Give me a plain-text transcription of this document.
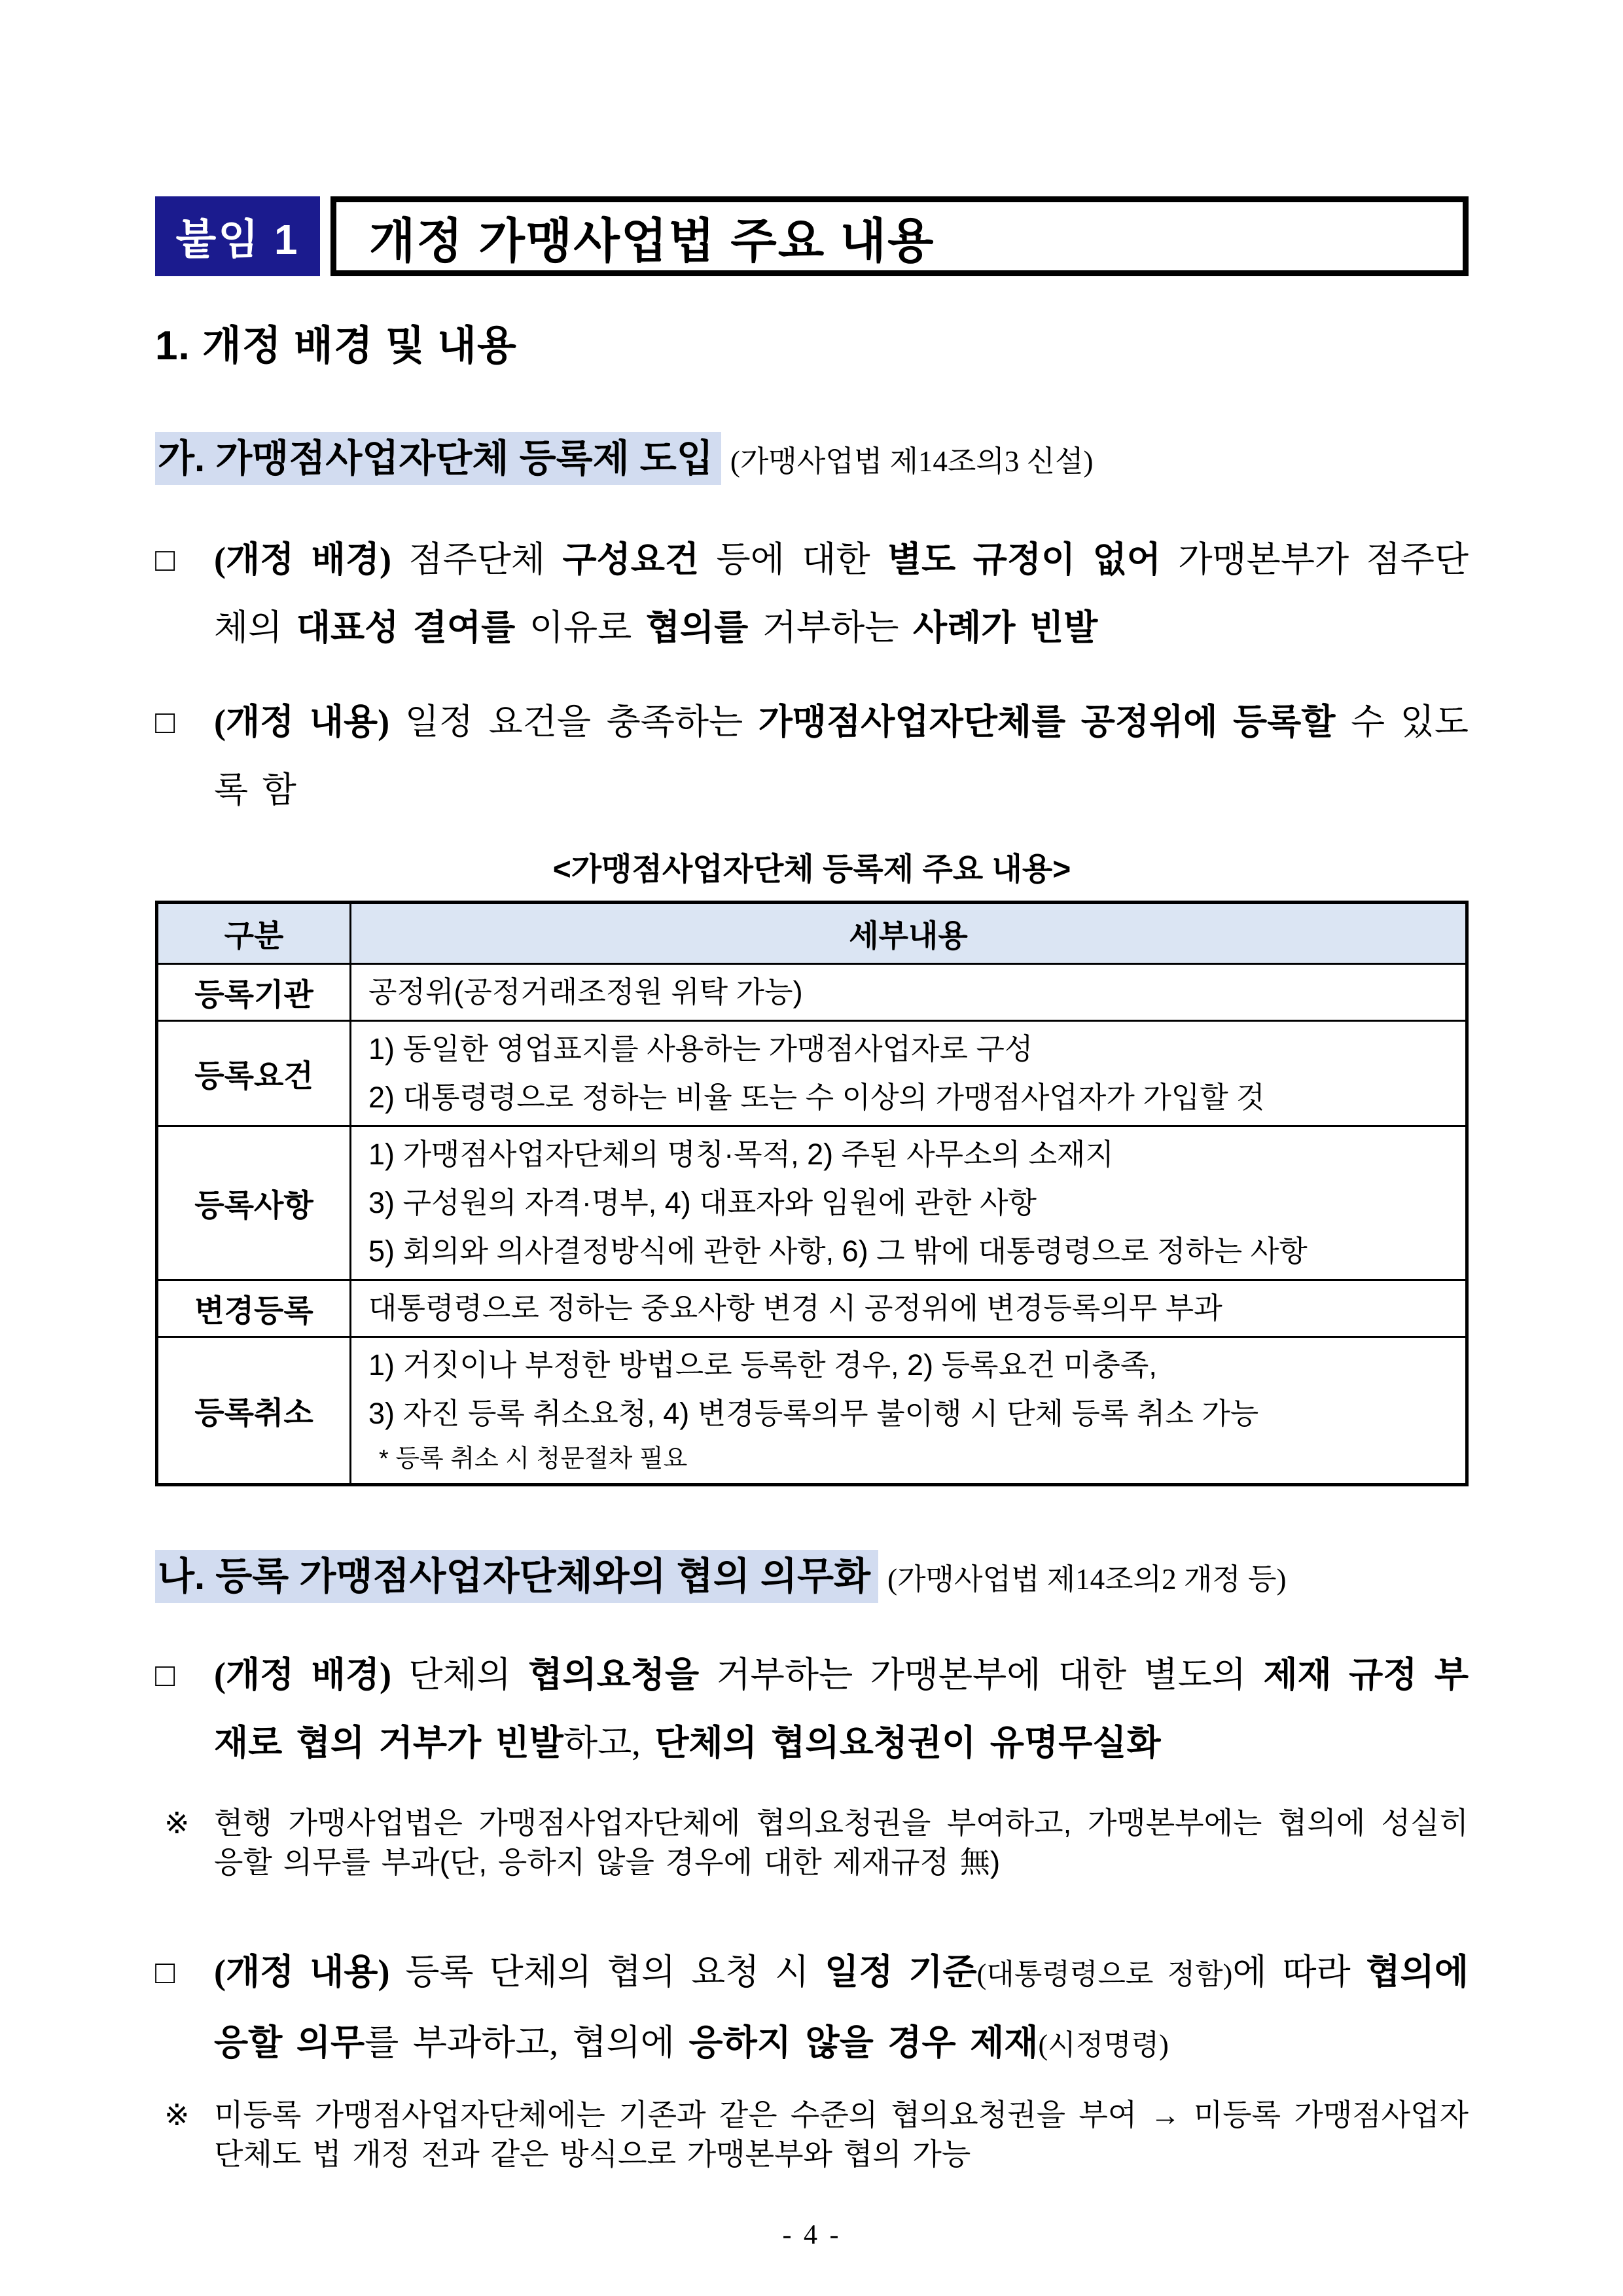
붙임 1	개정 가맹사업법 주요 내용
1. 개정 배경 및 내용
가. 가맹점사업자단체 등록제 도입 (가맹사업법 제14조의3 신설)
□	(개정 배경) 점주단체 구성요건 등에 대한 별도 규정이 없어 가맹본부가 점주단체의 대표성 결여를 이유로 협의를 거부하는 사례가 빈발
□	(개정 내용) 일정 요건을 충족하는 가맹점사업자단체를 공정위에 등록할 수 있도록 함
<가맹점사업자단체 등록제 주요 내용>
구분	세부내용
등록기관	공정위(공정거래조정원 위탁 가능)

등록요건	1) 동일한 영업표지를 사용하는 가맹점사업자로 구성
2) 대통령령으로 정하는 비율 또는 수 이상의 가맹점사업자가 가입할 것

등록사항	1) 가맹점사업자단체의 명칭·목적, 2) 주된 사무소의 소재지
3) 구성원의 자격·명부, 4) 대표자와 임원에 관한 사항
5) 회의와 의사결정방식에 관한 사항, 6) 그 밖에 대통령령으로 정하는 사항

변경등록	대통령령으로 정하는 중요사항 변경 시 공정위에 변경등록의무 부과

등록취소	1) 거짓이나 부정한 방법으로 등록한 경우, 2) 등록요건 미충족,
3) 자진 등록 취소요청, 4) 변경등록의무 불이행 시 단체 등록 취소 가능
* 등록 취소 시 청문절차 필요
나. 등록 가맹점사업자단체와의 협의 의무화 (가맹사업법 제14조의2 개정 등)
□	(개정 배경) 단체의 협의요청을 거부하는 가맹본부에 대한 별도의 제재 규정 부재로 협의 거부가 빈발하고, 단체의 협의요청권이 유명무실화
※ 현행 가맹사업법은 가맹점사업자단체에 협의요청권을 부여하고, 가맹본부에는 협의에 성실히 응할 의무를 부과(단, 응하지 않을 경우에 대한 제재규정 無)
□	(개정 내용) 등록 단체의 협의 요청 시 일정 기준(대통령령으로 정함)에 따라 협의에 응할 의무를 부과하고, 협의에 응하지 않을 경우 제재(시정명령)
※ 미등록 가맹점사업자단체에는 기존과 같은 수준의 협의요청권을 부여 → 미등록 가맹점사업자단체도 법 개정 전과 같은 방식으로 가맹본부와 협의 가능
- 4 -
